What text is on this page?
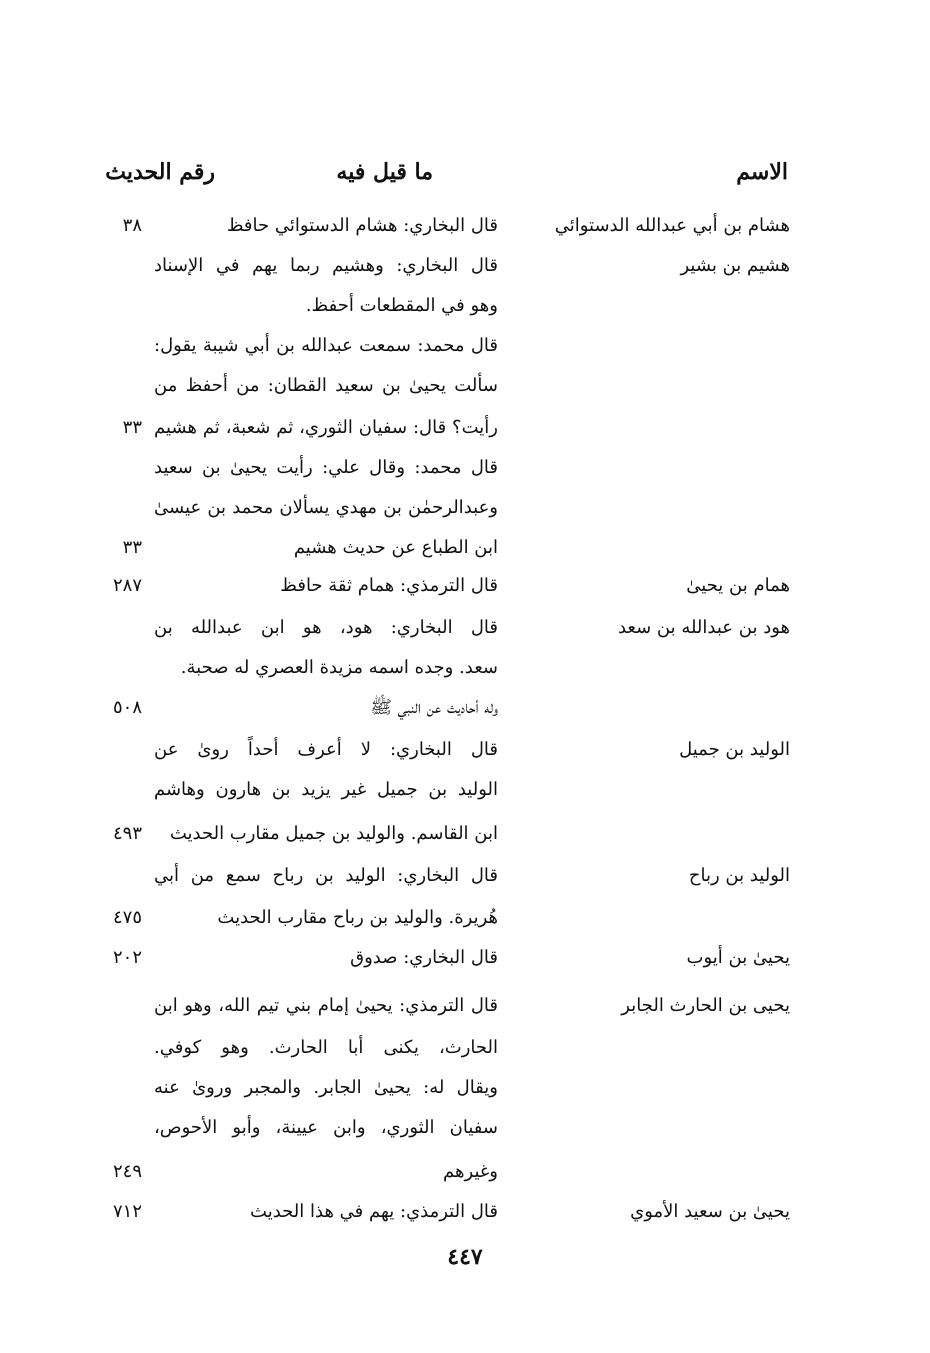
الاسم
ما قيل فيه
رقم الحديث
هشام بن أبي عبدالله الدستوائي
قال البخاري: هشام الدستوائي حافظ
٣٨
هشيم بن بشير
قال البخاري: وهشيم ربما يهم في الإسناد
وهو في المقطعات أحفظ.
قال محمد: سمعت عبدالله بن أبي شيبة يقول:
سألت يحيىٰ بن سعيد القطان: من أحفظ من
رأيت؟ قال: سفيان الثوري، ثم شعبة، ثم هشيم
٣٣
قال محمد: وقال علي: رأيت يحيىٰ بن سعيد
وعبدالرحمٰن بن مهدي يسألان محمد بن عيسىٰ
ابن الطباع عن حديث هشيم
٣٣
همام بن يحيىٰ
قال الترمذي: همام ثقة حافظ
٢٨٧
هود بن عبدالله بن سعد
قال البخاري: هود، هو ابن عبدالله بن
سعد. وجده اسمه مزيدة العصري له صحبة.
وله أحاديث عن النبي ﷺ
٥٠٨
الوليد بن جميل
قال البخاري: لا أعرف أحداً روىٰ عن
الوليد بن جميل غير يزيد بن هارون وهاشم
ابن القاسم. والوليد بن جميل مقارب الحديث
٤٩٣
الوليد بن رباح
قال البخاري: الوليد بن رباح سمع من أبي
هُريرة. والوليد بن رباح مقارب الحديث
٤٧٥
يحيىٰ بن أيوب
قال البخاري: صدوق
٢٠٢
يحيى بن الحارث الجابر
قال الترمذي: يحيىٰ إمام بني تيم الله، وهو ابن
الحارث، يكنى أبا الحارث. وهو كوفي.
ويقال له: يحيىٰ الجابر. والمجبر وروىٰ عنه
سفيان الثوري، وابن عيينة، وأبو الأحوص،
وغيرهم
٢٤٩
يحيىٰ بن سعيد الأموي
قال الترمذي: يهم في هذا الحديث
٧١٢
٤٤٧
